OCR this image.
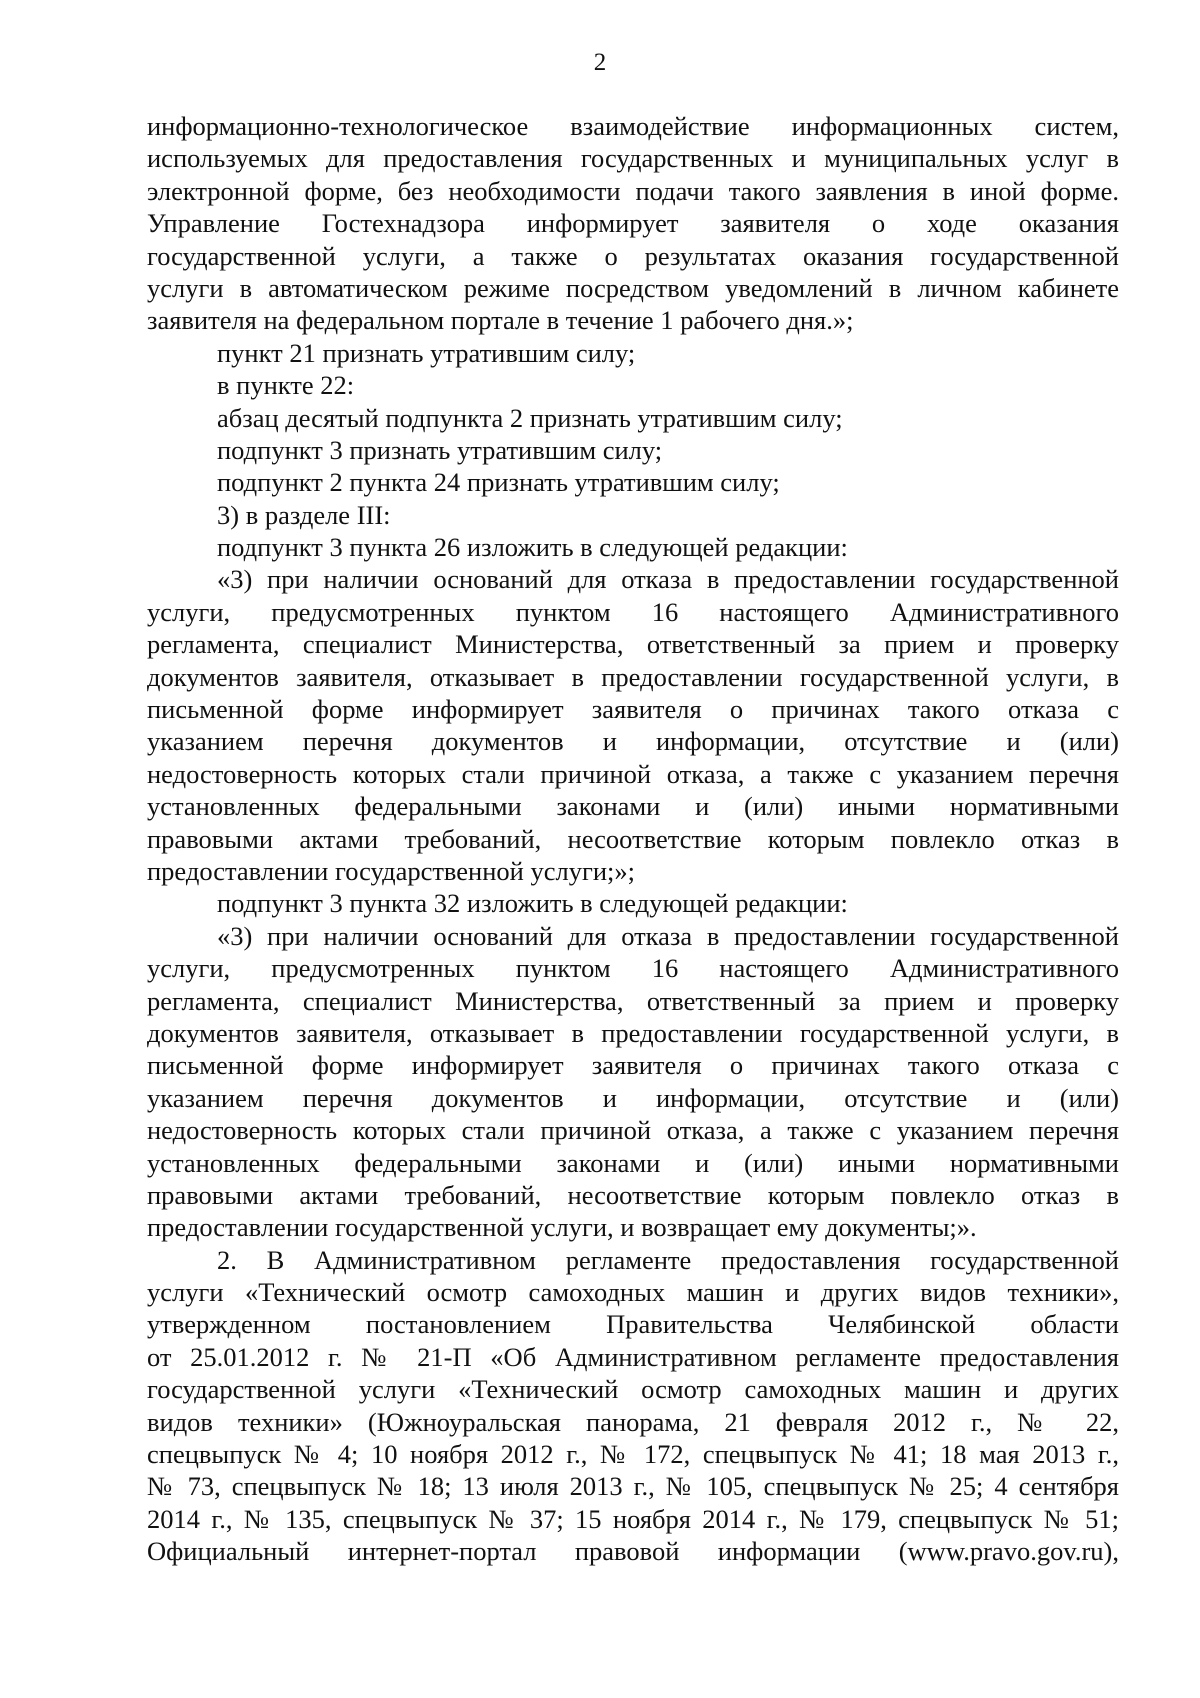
2
информационно-технологическое взаимодействие информационных систем,
используемых для предоставления государственных и муниципальных услуг в
электронной форме, без необходимости подачи такого заявления в иной форме.
Управление Гостехнадзора информирует заявителя о ходе оказания
государственной услуги, а также о результатах оказания государственной
услуги в автоматическом режиме посредством уведомлений в личном кабинете
заявителя на федеральном портале в течение 1 рабочего дня.»;
пункт 21 признать утратившим силу;
в пункте 22:
абзац десятый подпункта 2 признать утратившим силу;
подпункт 3 признать утратившим силу;
подпункт 2 пункта 24 признать утратившим силу;
3) в разделе III:
подпункт 3 пункта 26 изложить в следующей редакции:
«3) при наличии оснований для отказа в предоставлении государственной
услуги, предусмотренных пунктом 16 настоящего Административного
регламента, специалист Министерства, ответственный за прием и проверку
документов заявителя, отказывает в предоставлении государственной услуги, в
письменной форме информирует заявителя о причинах такого отказа с
указанием перечня документов и информации, отсутствие и (или)
недостоверность которых стали причиной отказа, а также с указанием перечня
установленных федеральными законами и (или) иными нормативными
правовыми актами требований, несоответствие которым повлекло отказ в
предоставлении государственной услуги;»;
подпункт 3 пункта 32 изложить в следующей редакции:
«3) при наличии оснований для отказа в предоставлении государственной
услуги, предусмотренных пунктом 16 настоящего Административного
регламента, специалист Министерства, ответственный за прием и проверку
документов заявителя, отказывает в предоставлении государственной услуги, в
письменной форме информирует заявителя о причинах такого отказа с
указанием перечня документов и информации, отсутствие и (или)
недостоверность которых стали причиной отказа, а также с указанием перечня
установленных федеральными законами и (или) иными нормативными
правовыми актами требований, несоответствие которым повлекло отказ в
предоставлении государственной услуги, и возвращает ему документы;».
2. В Административном регламенте предоставления государственной
услуги «Технический осмотр самоходных машин и других видов техники»,
утвержденном постановлением Правительства Челябинской области
от 25.01.2012 г. № 21-П «Об Административном регламенте предоставления
государственной услуги «Технический осмотр самоходных машин и других
видов техники» (Южноуральская панорама, 21 февраля 2012 г., № 22,
спецвыпуск № 4; 10 ноября 2012 г., № 172, спецвыпуск № 41; 18 мая 2013 г.,
№ 73, спецвыпуск № 18; 13 июля 2013 г., № 105, спецвыпуск № 25; 4 сентября
2014 г., № 135, спецвыпуск № 37; 15 ноября 2014 г., № 179, спецвыпуск № 51;
Официальный интернет-портал правовой информации (www.pravo.gov.ru),
